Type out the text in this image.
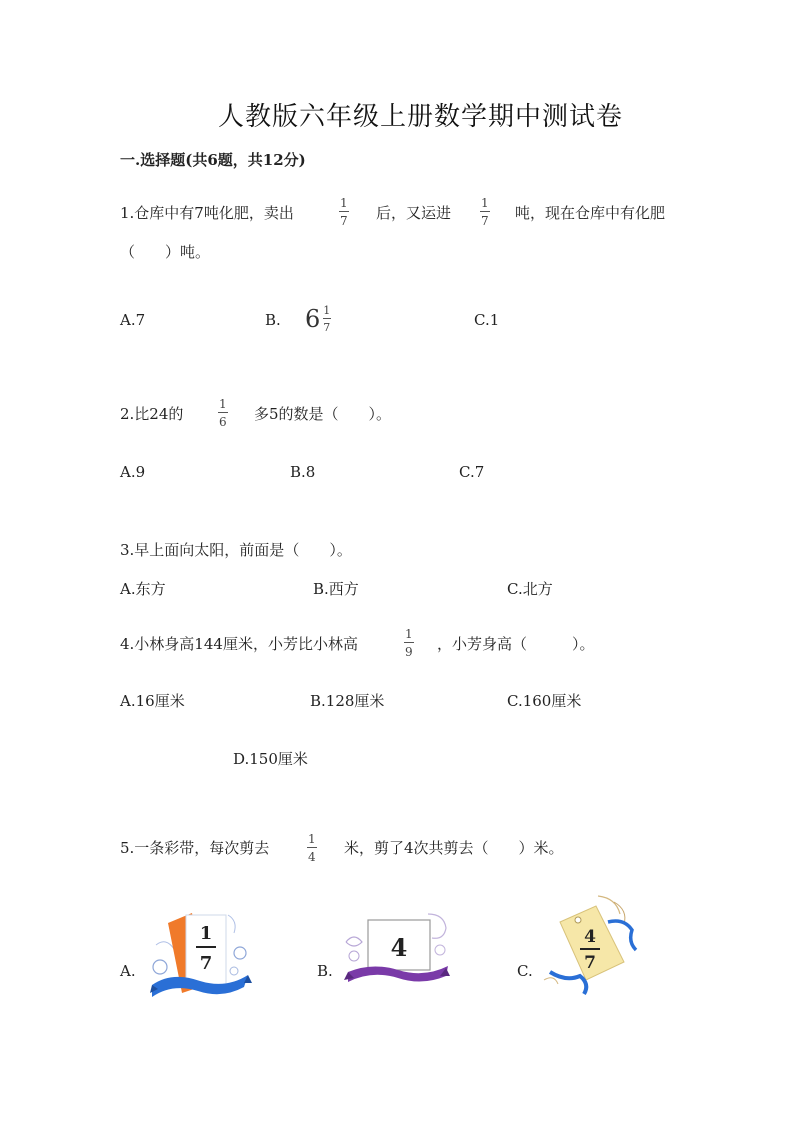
人教版六年级上册数学期中测试卷
一.选择题(共6题，共12分)
1.仓库中有7吨化肥，卖出
1
7 后，又运进
1
7 吨，现在仓库中有化肥
（　　）吨。
A.7	B. $6 \frac{1}{7}$	C.1
2.比24的
1
6 多5的数是（　　）。
A.9	B.8	C.7
3.早上面向太阳，前面是（　　）。
A.东方	B.西方	C.北方
4.小林身高144厘米，小芳比小林高
1
9 ，小芳身高（　　　）。
A.16厘米	B.128厘米	C.160厘米
D.150厘米
5.一条彩带，每次剪去	1
4 米，剪了4次共剪去（　　）米。
A.
1
7	B.
4
C.
4
7
